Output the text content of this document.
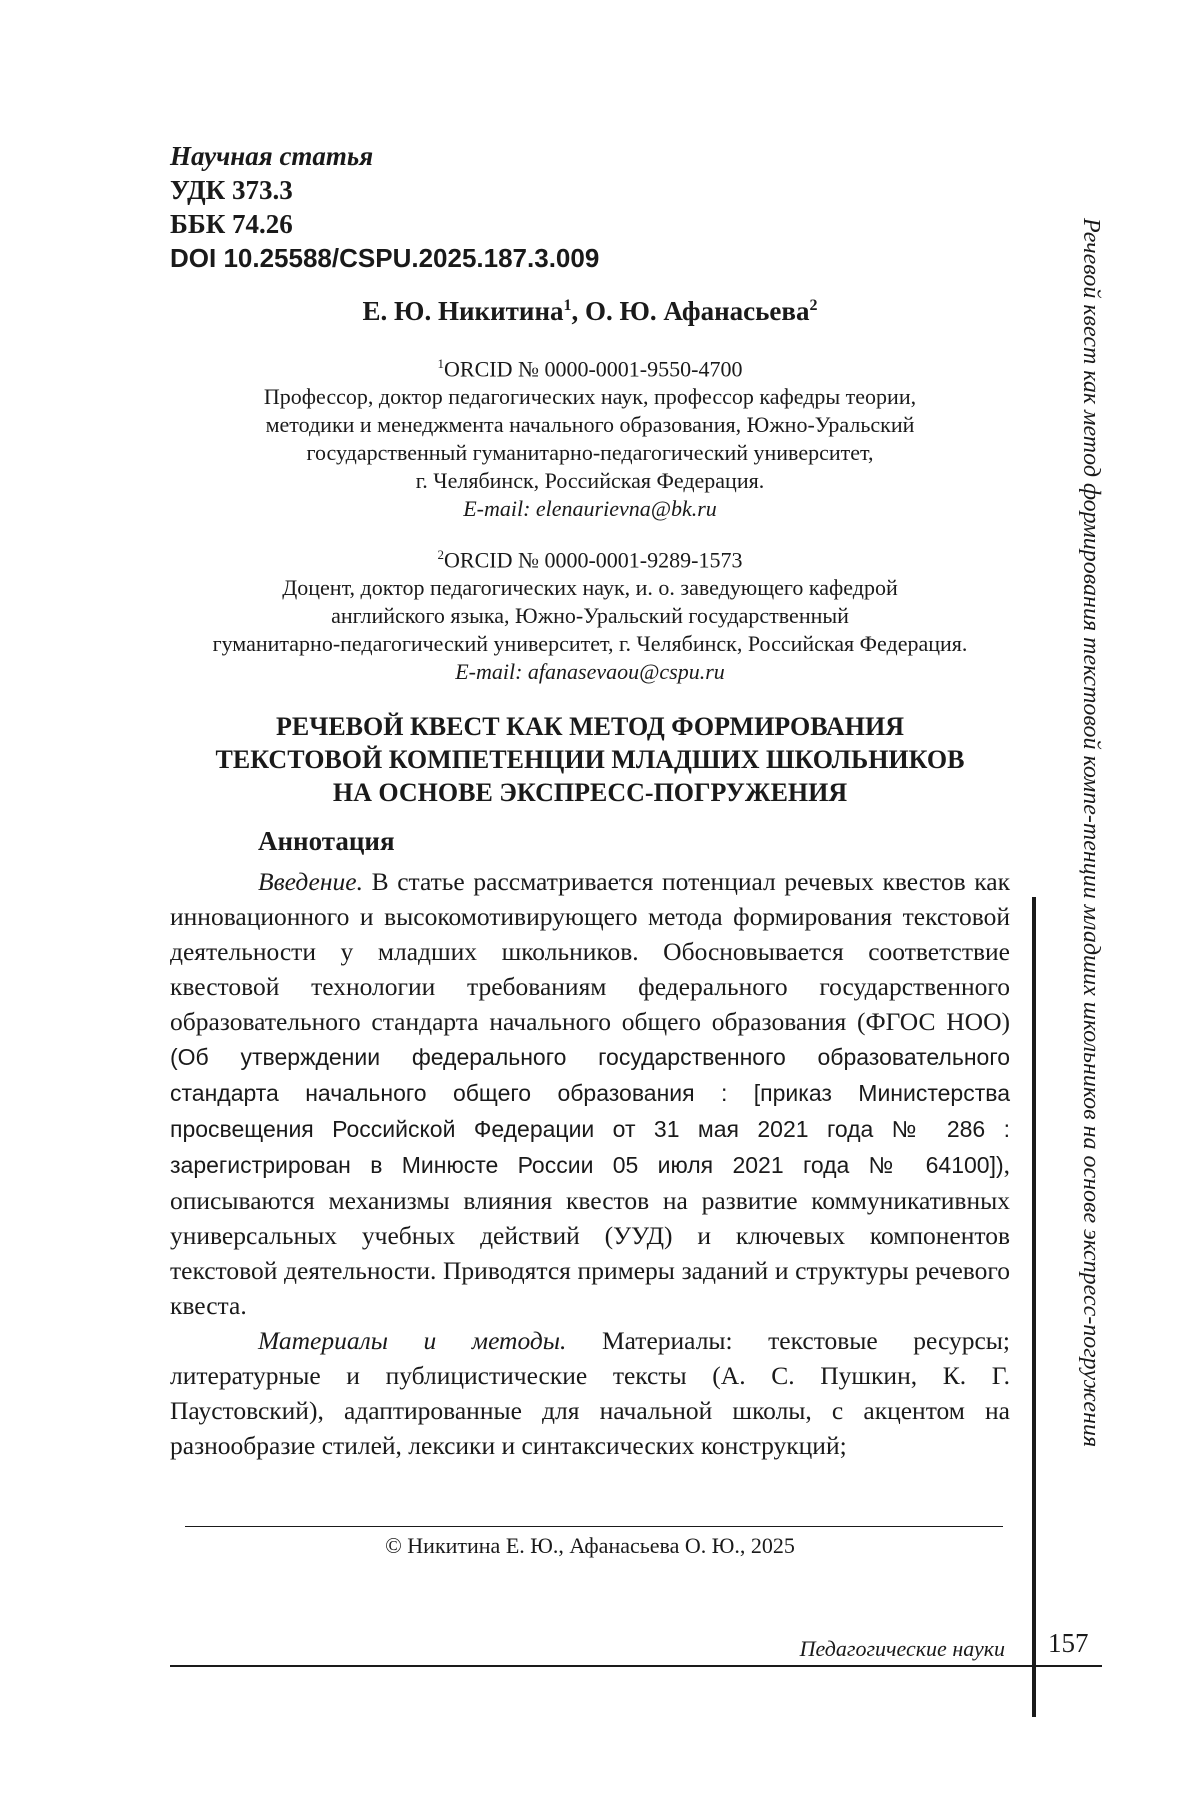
Научная статья
УДК 373.3
ББК 74.26
DOI 10.25588/CSPU.2025.187.3.009
Е. Ю. Никитина1, О. Ю. Афанасьева2
1ORCID № 0000-0001-9550-4700
Профессор, доктор педагогических наук, профессор кафедры теории,
методики и менеджмента начального образования, Южно-Уральский
государственный гуманитарно-педагогический университет,
г. Челябинск, Российская Федерация.
E-mail: elenaurievna@bk.ru
2ORCID № 0000-0001-9289-1573
Доцент, доктор педагогических наук, и. о. заведующего кафедрой
английского языка, Южно-Уральский государственный
гуманитарно-педагогический университет, г. Челябинск, Российская Федерация.
E-mail: afanasevaou@cspu.ru
РЕЧЕВОЙ КВЕСТ КАК МЕТОД ФОРМИРОВАНИЯ
ТЕКСТОВОЙ КОМПЕТЕНЦИИ МЛАДШИХ ШКОЛЬНИКОВ
НА ОСНОВЕ ЭКСПРЕСС-ПОГРУЖЕНИЯ
Аннотация

Введение. В статье рассматривается потенциал речевых квестов как инновационного и высокомотивирующего метода формирования текстовой деятельности у младших школьников. Обосновывается соответствие квестовой технологии требованиям федерального государственного образовательного стандарта начального общего образования (ФГОС НОО) (Об утверждении федерального государственного образовательного стандарта начального общего образования : [приказ Министерства просвещения Российской Федерации от 31 мая 2021 года № 286 : зарегистрирован в Минюсте России 05 июля 2021 года № 64100]), описываются механизмы влияния квестов на развитие коммуникативных универсальных учебных действий (УУД) и ключевых компонентов текстовой деятельности. Приводятся примеры заданий и структуры речевого квеста.

Материалы и методы. Материалы: текстовые ресурсы; литературные и публицистические тексты (А. С. Пушкин, К. Г. Паустовский), адаптированные для начальной школы, с акцентом на разнообразие стилей, лексики и синтаксических конструкций;	Речевой квест как метод формирования текстовой компе-тенции младших школьников на основе экспресс-погружения
© Никитина Е. Ю., Афанасьева О. Ю., 2025
Педагогические науки 157
